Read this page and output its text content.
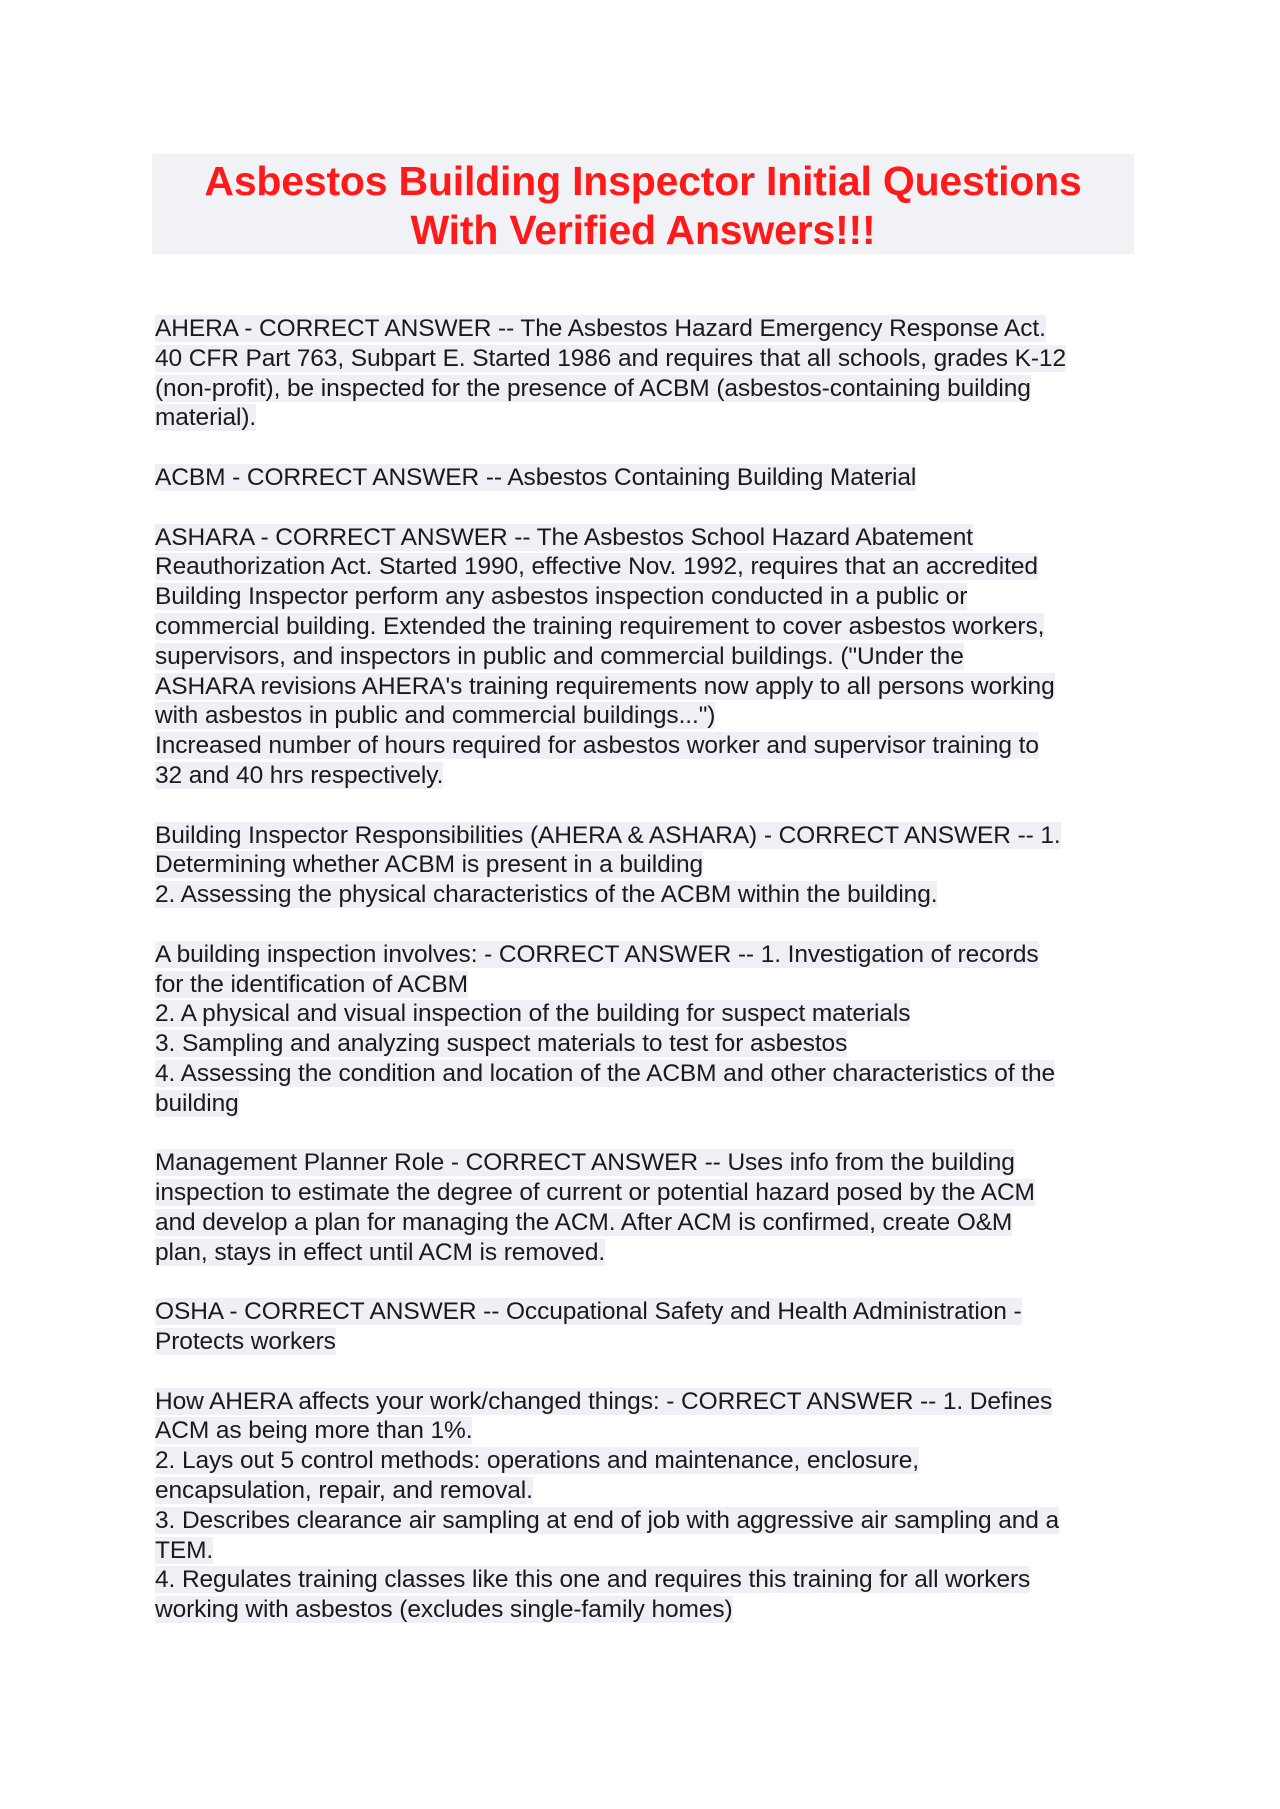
Asbestos Building Inspector Initial Questions
With Verified Answers!!!
AHERA - CORRECT ANSWER -- The Asbestos Hazard Emergency Response Act.
40 CFR Part 763, Subpart E. Started 1986 and requires that all schools, grades K-12
(non-profit), be inspected for the presence of ACBM (asbestos-containing building
material).
ACBM - CORRECT ANSWER -- Asbestos Containing Building Material
ASHARA - CORRECT ANSWER -- The Asbestos School Hazard Abatement
Reauthorization Act. Started 1990, effective Nov. 1992, requires that an accredited
Building Inspector perform any asbestos inspection conducted in a public or
commercial building. Extended the training requirement to cover asbestos workers,
supervisors, and inspectors in public and commercial buildings. ("Under the
ASHARA revisions AHERA's training requirements now apply to all persons working
with asbestos in public and commercial buildings...")
Increased number of hours required for asbestos worker and supervisor training to
32 and 40 hrs respectively.
Building Inspector Responsibilities (AHERA & ASHARA) - CORRECT ANSWER -- 1.
Determining whether ACBM is present in a building
2. Assessing the physical characteristics of the ACBM within the building.
A building inspection involves: - CORRECT ANSWER -- 1. Investigation of records
for the identification of ACBM
2. A physical and visual inspection of the building for suspect materials
3. Sampling and analyzing suspect materials to test for asbestos
4. Assessing the condition and location of the ACBM and other characteristics of the
building
Management Planner Role - CORRECT ANSWER -- Uses info from the building
inspection to estimate the degree of current or potential hazard posed by the ACM
and develop a plan for managing the ACM. After ACM is confirmed, create O&M
plan, stays in effect until ACM is removed.
OSHA - CORRECT ANSWER -- Occupational Safety and Health Administration -
Protects workers
How AHERA affects your work/changed things: - CORRECT ANSWER -- 1. Defines
ACM as being more than 1%.
2. Lays out 5 control methods: operations and maintenance, enclosure,
encapsulation, repair, and removal.
3. Describes clearance air sampling at end of job with aggressive air sampling and a
TEM.
4. Regulates training classes like this one and requires this training for all workers
working with asbestos (excludes single-family homes)
